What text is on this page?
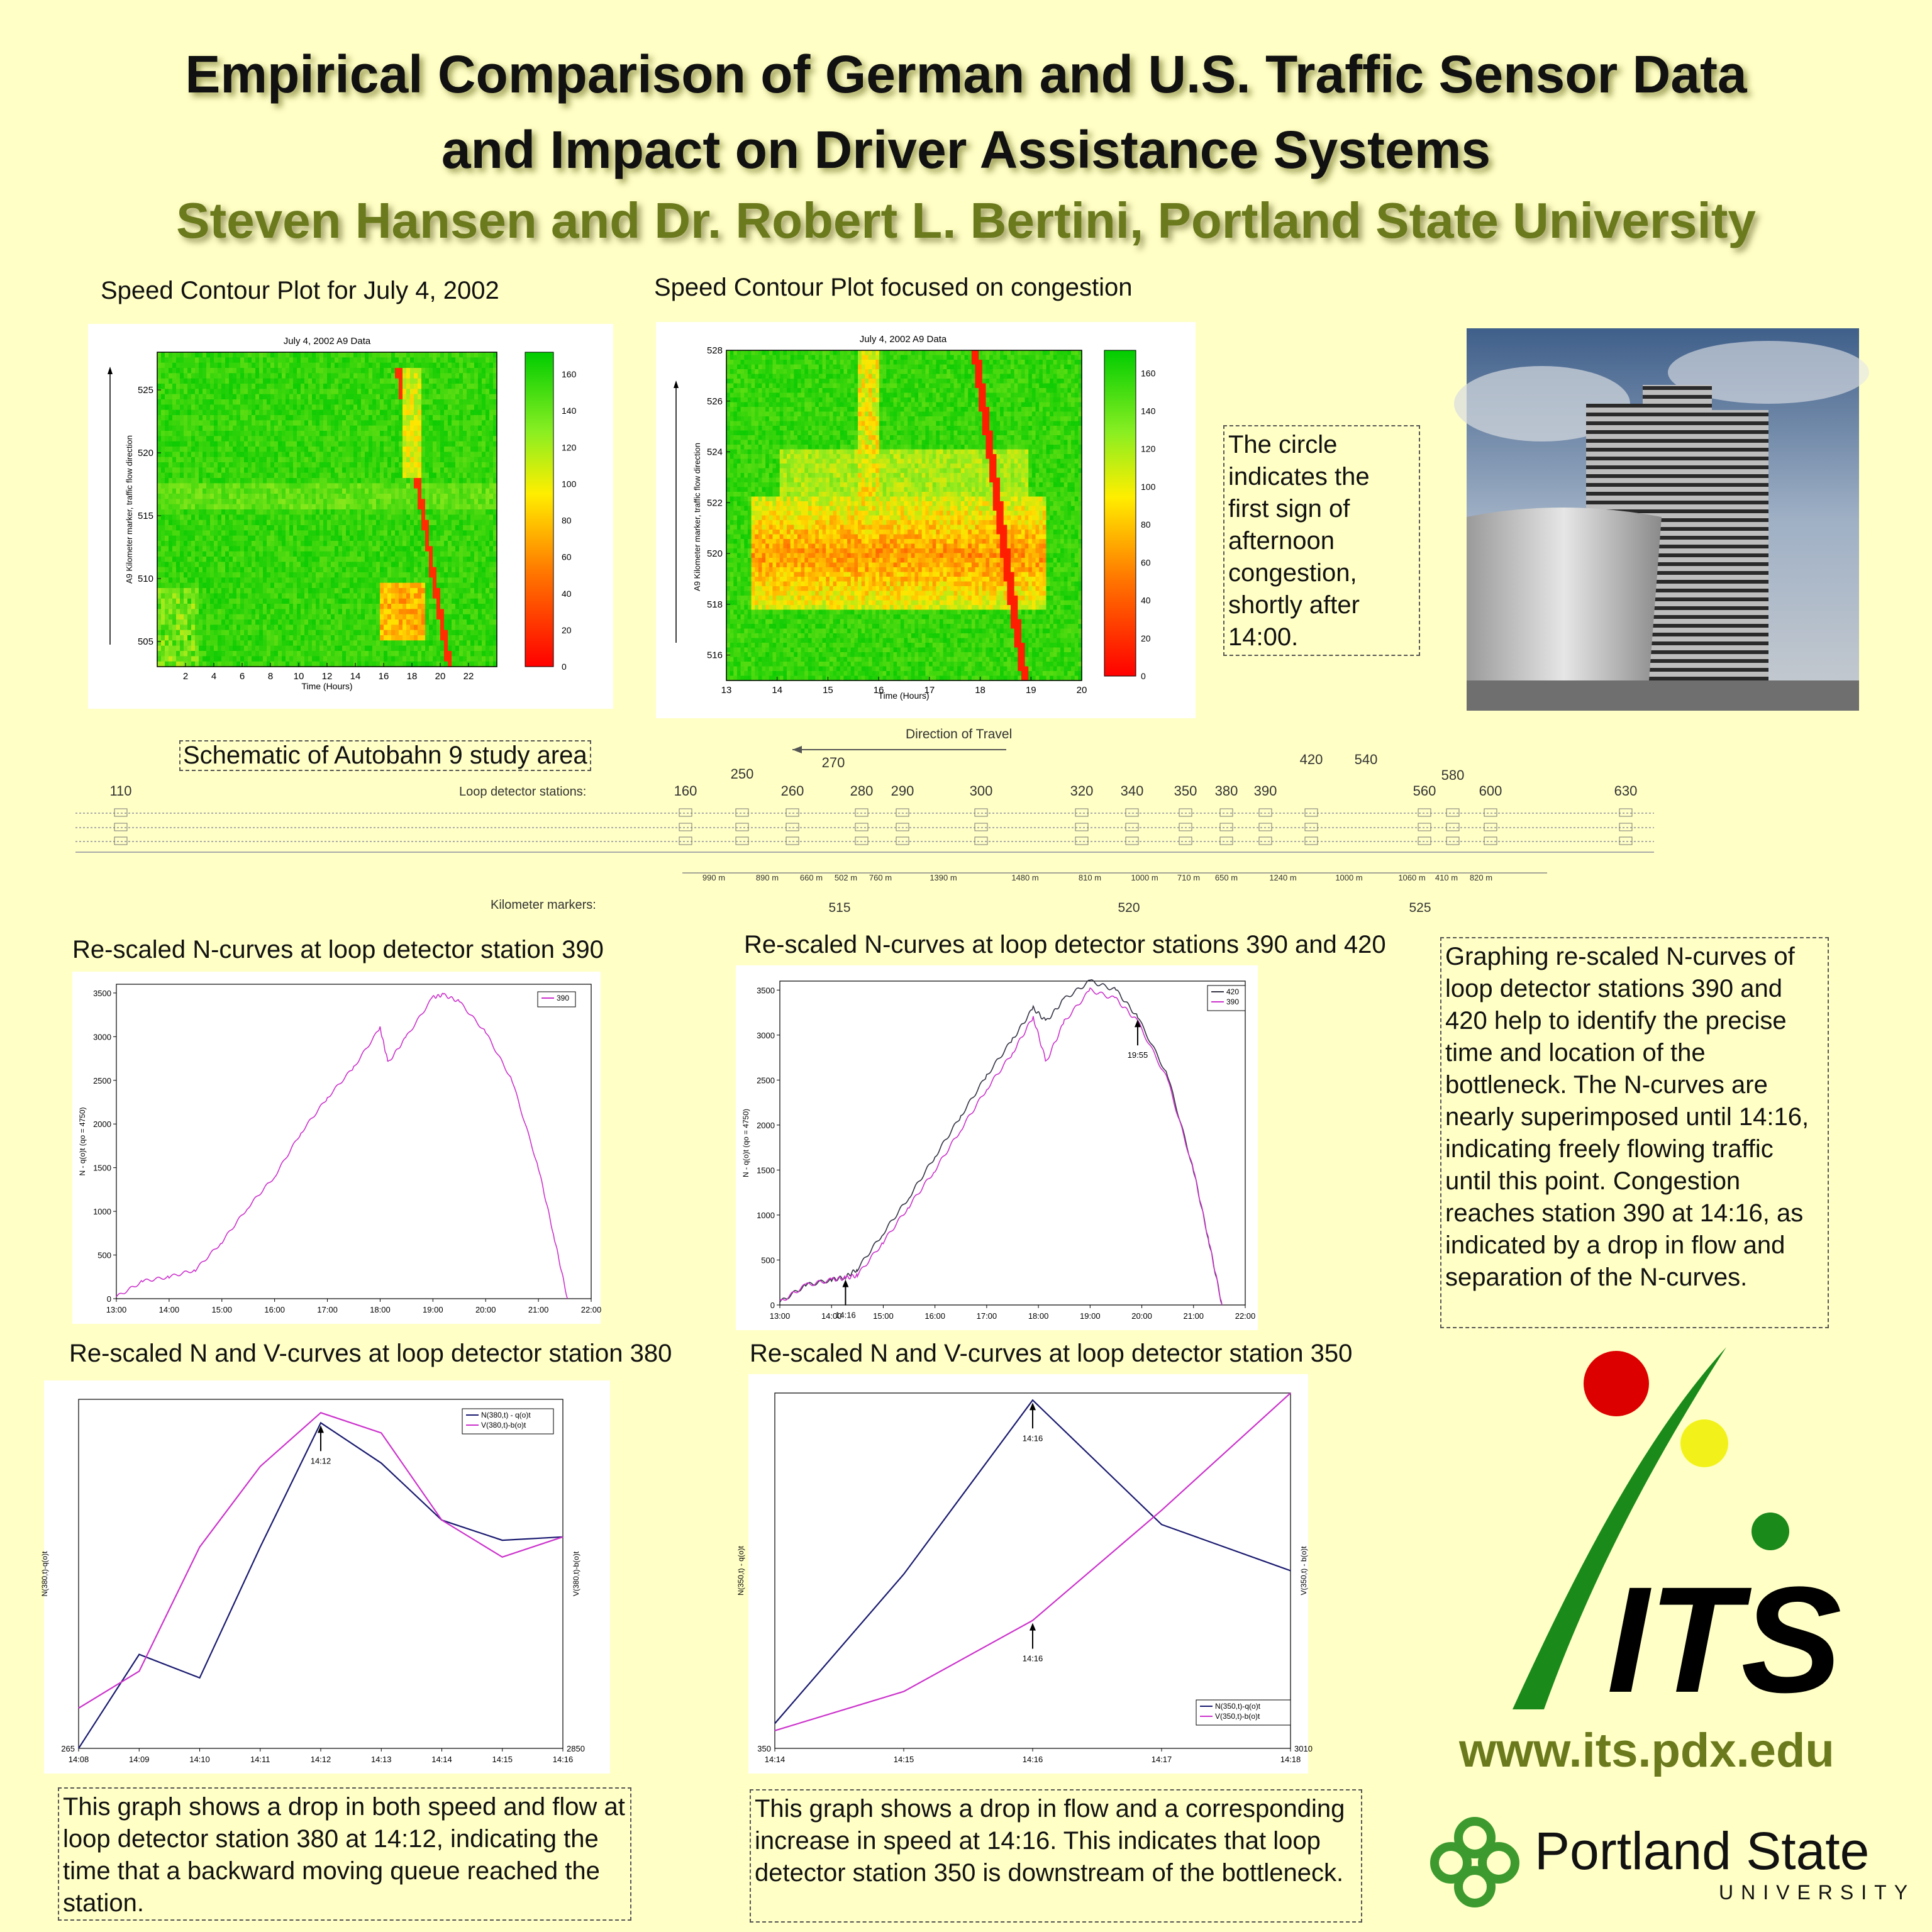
Empirical Comparison of German and U.S. Traffic Sensor Data
and Impact on Driver Assistance Systems
Steven Hansen and Dr. Robert L. Bertini, Portland State University
Speed Contour Plot for July 4, 2002	Speed Contour Plot focused on congestion
July 4, 2002 A9 Data
2 4 6 8 10 12 14 16 18 20 22
505
510
515
520
525
0
20
40
60
80
100
120
140
160
Time (Hours)
A9 Kilometer marker, traffic flow direction
July 4, 2002 A9 Data
13	14	15	16	17	18	19	20
516
518
520
522
524
526
528
0
20
40
60
80
100
120
140
160
Time (Hours)
A9 Kilometer marker, traffic flow direction	The circle indicates the first sign of afternoon congestion, shortly after 14:00.
Schematic of Autobahn 9 study area
Direction of Travel
Loop detector stations:
Kilometer markers:
110	160
250
260
270
280 290	300	320 340 350 380 390
420 540
560
580
600	630
990 m	890 m	660 m 502 m 760 m	1390 m	1480 m	810 m	1000 m 710 m 650 m	1240 m	1000 m	1060 m 410 m 820 m
515	520	525
Re-scaled N-curves at loop detector station 390	Re-scaled N-curves at loop detector stations 390 and 420
13:00	14:00	15:00	16:00	17:00	18:00	19:00	20:00	21:00	22:00
0
500
1000
1500
2000
2500
3000
3500
N - q(o)t (qo = 4750)
390
13:00	14:00	15:00	16:00	17:00	18:00	19:00	20:00	21:00	22:00
0
500
1000
1500
2000
2500
3000
3500
N - q(o)t (qo = 4750)
420
390
14:16
19:55
Graphing re-scaled N-curves of loop detector stations 390 and 420 help to identify the precise time and location of the bottleneck. The N-curves are nearly superimposed until 14:16, indicating freely flowing traffic until this point. Congestion reaches station 390 at 14:16, as indicated by a drop in flow and separation of the N-curves.
Re-scaled N and V-curves at loop detector station 380	Re-scaled N and V-curves at loop detector station 350
14:08	14:09	14:10	14:11	14:12	14:13	14:14	14:15	14:16
N(380,t)-q(o)t	V(380,t)-b(o)t
265	2850
N(380,t) - q(o)t
V(380,t)-b(o)t
14:12
14:14	14:15	14:16	14:17	14:18
N(350,t) - q(o)t	V(350,t) - b(o)t
350	3010
N(350,t)-q(o)t
V(350,t)-b(o)t
14:16
14:16
This graph shows a drop in both speed and flow at loop detector station 380 at 14:12, indicating the time that a backward moving queue reached the station.
This graph shows a drop in flow and a corresponding increase in speed at 14:16. This indicates that loop detector station 350 is downstream of the bottleneck.
ITS
www.its.pdx.edu
Portland State
UNIVERSITY
